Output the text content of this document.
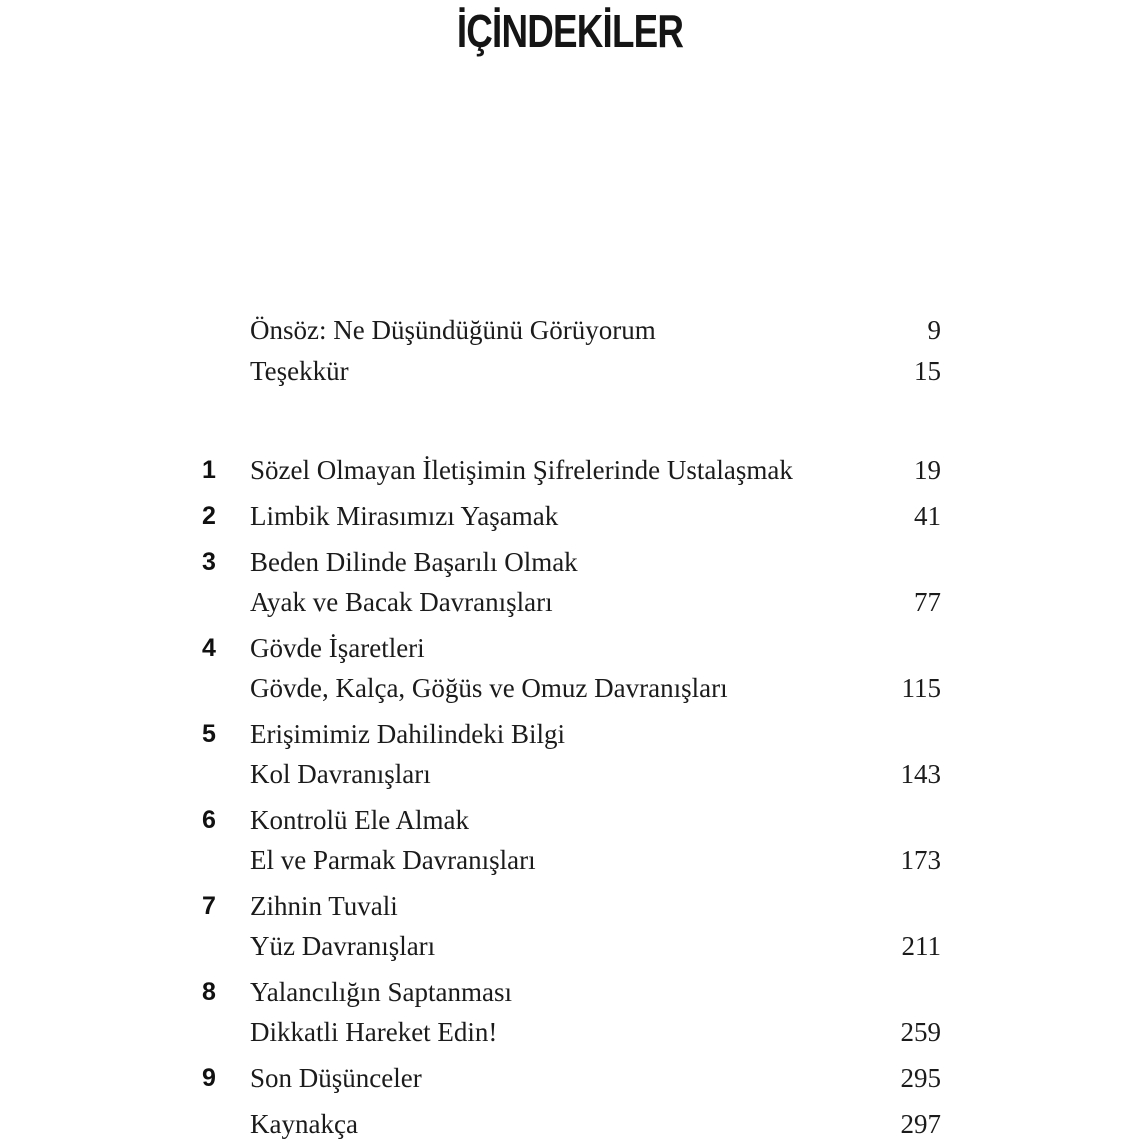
İÇİNDEKİLER
Önsöz: Ne Düşündüğünü Görüyorum	9
Teşekkür	15
1 Sözel Olmayan İletişimin Şifrelerinde Ustalaşmak	19
2 Limbik Mirasımızı Yaşamak	41
3 Beden Dilinde Başarılı Olmak
Ayak ve Bacak Davranışları	77
4 Gövde İşaretleri
Gövde, Kalça, Göğüs ve Omuz Davranışları	115
5 Erişimimiz Dahilindeki Bilgi
Kol Davranışları	143
6 Kontrolü Ele Almak
El ve Parmak Davranışları	173
7 Zihnin Tuvali
Yüz Davranışları	211
8 Yalancılığın Saptanması
Dikkatli Hareket Edin!	259
9 Son Düşünceler	295
Kaynakça	297
